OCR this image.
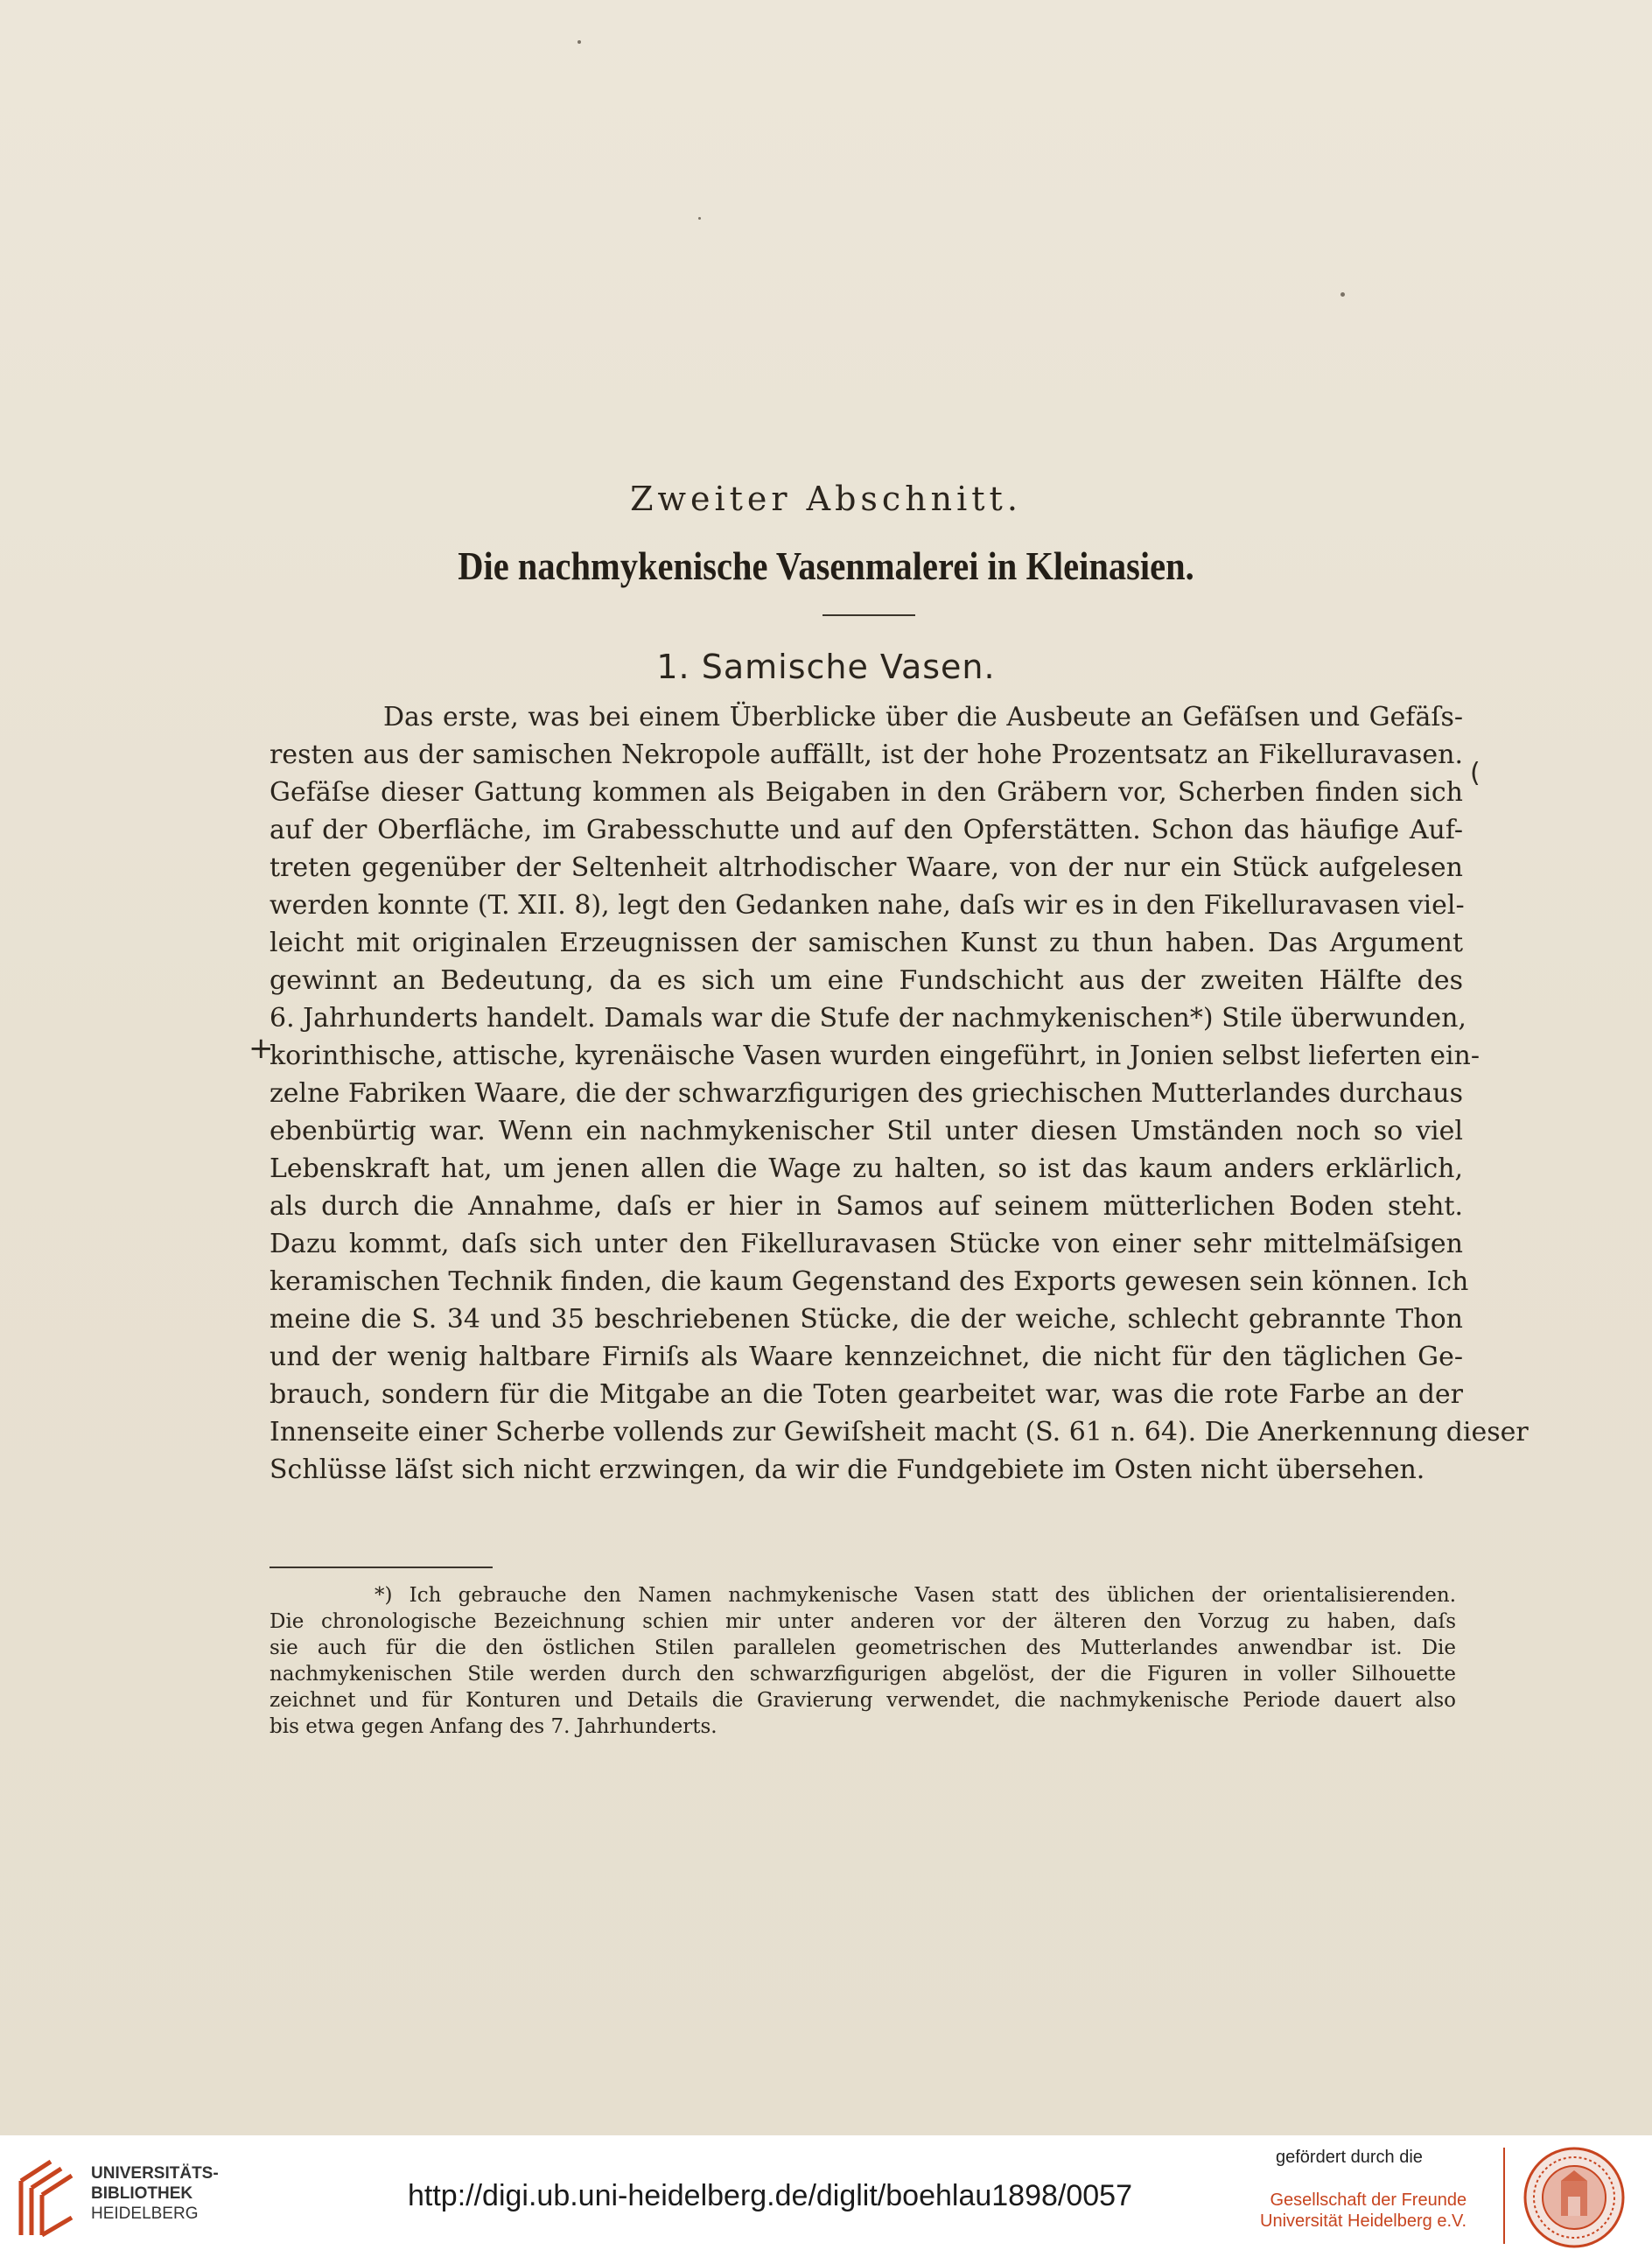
Zweiter Abschnitt.
Die nachmykenische Vasenmalerei in Kleinasien.
1. Samische Vasen.
Das erste, was bei einem Überblicke über die Ausbeute an Gefäſsen und Gefäſs-
resten aus der samischen Nekropole auffällt, ist der hohe Prozentsatz an Fikelluravasen.
Gefäſse dieser Gattung kommen als Beigaben in den Gräbern vor, Scherben finden sich
auf der Oberfläche, im Grabesschutte und auf den Opferstätten. Schon das häufige Auf-
treten gegenüber der Seltenheit altrhodischer Waare, von der nur ein Stück aufgelesen
werden konnte (T. XII. 8), legt den Gedanken nahe, daſs wir es in den Fikelluravasen viel-
leicht mit originalen Erzeugnissen der samischen Kunst zu thun haben. Das Argument
gewinnt an Bedeutung, da es sich um eine Fundschicht aus der zweiten Hälfte des
6. Jahrhunderts handelt. Damals war die Stufe der nachmykenischen*) Stile überwunden,
korinthische, attische, kyrenäische Vasen wurden eingeführt, in Jonien selbst lieferten ein-
zelne Fabriken Waare, die der schwarzfigurigen des griechischen Mutterlandes durchaus
ebenbürtig war. Wenn ein nachmykenischer Stil unter diesen Umständen noch so viel
Lebenskraft hat, um jenen allen die Wage zu halten, so ist das kaum anders erklärlich,
als durch die Annahme, daſs er hier in Samos auf seinem mütterlichen Boden steht.
Dazu kommt, daſs sich unter den Fikelluravasen Stücke von einer sehr mittelmäſsigen
keramischen Technik finden, die kaum Gegenstand des Exports gewesen sein können. Ich
meine die S. 34 und 35 beschriebenen Stücke, die der weiche, schlecht gebrannte Thon
und der wenig haltbare Firniſs als Waare kennzeichnet, die nicht für den täglichen Ge-
brauch, sondern für die Mitgabe an die Toten gearbeitet war, was die rote Farbe an der
Innenseite einer Scherbe vollends zur Gewiſsheit macht (S. 61 n. 64). Die Anerkennung dieser
Schlüsse läſst sich nicht erzwingen, da wir die Fundgebiete im Osten nicht übersehen.
(
+
*) Ich gebrauche den Namen nachmykenische Vasen statt des üblichen der orientalisierenden.
Die chronologische Bezeichnung schien mir unter anderen vor der älteren den Vorzug zu haben, daſs
sie auch für die den östlichen Stilen parallelen geometrischen des Mutterlandes anwendbar ist. Die
nachmykenischen Stile werden durch den schwarzfigurigen abgelöst, der die Figuren in voller Silhouette
zeichnet und für Konturen und Details die Gravierung verwendet, die nachmykenische Periode dauert also
bis etwa gegen Anfang des 7. Jahrhunderts.
UNIVERSITÄTS-
BIBLIOTHEK
HEIDELBERG
http://digi.ub.uni-heidelberg.de/diglit/boehlau1898/0057
gefördert durch die
Gesellschaft der Freunde
Universität Heidelberg e.V.
